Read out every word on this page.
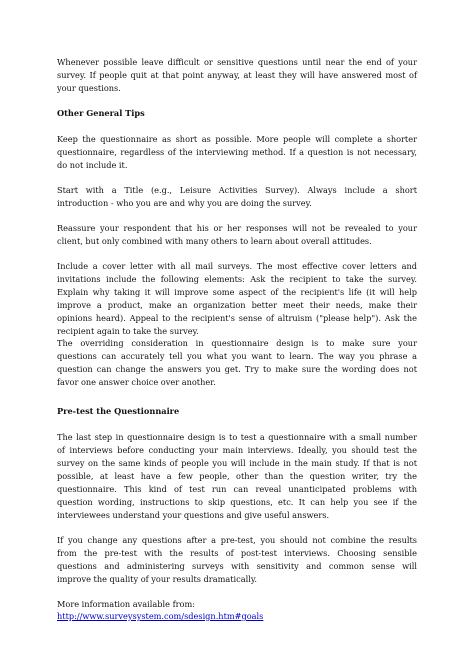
Whenever possible leave difficult or sensitive questions until near the end of your
survey. If people quit at that point anyway, at least they will have answered most of
your questions.
Other General Tips
Keep the questionnaire as short as possible. More people will complete a shorter
questionnaire, regardless of the interviewing method. If a question is not necessary,
do not include it.
Start with a Title (e.g., Leisure Activities Survey). Always include a short
introduction - who you are and why you are doing the survey.
Reassure your respondent that his or her responses will not be revealed to your
client, but only combined with many others to learn about overall attitudes.
Include a cover letter with all mail surveys. The most effective cover letters and
invitations include the following elements: Ask the recipient to take the survey.
Explain why taking it will improve some aspect of the recipient's life (it will help
improve a product, make an organization better meet their needs, make their
opinions heard). Appeal to the recipient's sense of altruism ("please help"). Ask the
recipient again to take the survey.
The overriding consideration in questionnaire design is to make sure your
questions can accurately tell you what you want to learn. The way you phrase a
question can change the answers you get. Try to make sure the wording does not
favor one answer choice over another.
Pre-test the Questionnaire
The last step in questionnaire design is to test a questionnaire with a small number
of interviews before conducting your main interviews. Ideally, you should test the
survey on the same kinds of people you will include in the main study. If that is not
possible, at least have a few people, other than the question writer, try the
questionnaire. This kind of test run can reveal unanticipated problems with
question wording, instructions to skip questions, etc. It can help you see if the
interviewees understand your questions and give useful answers.
If you change any questions after a pre-test, you should not combine the results
from the pre-test with the results of post-test interviews. Choosing sensible
questions and administering surveys with sensitivity and common sense will
improve the quality of your results dramatically.
More information available from:
http://www.surveysystem.com/sdesign.htm#goals
